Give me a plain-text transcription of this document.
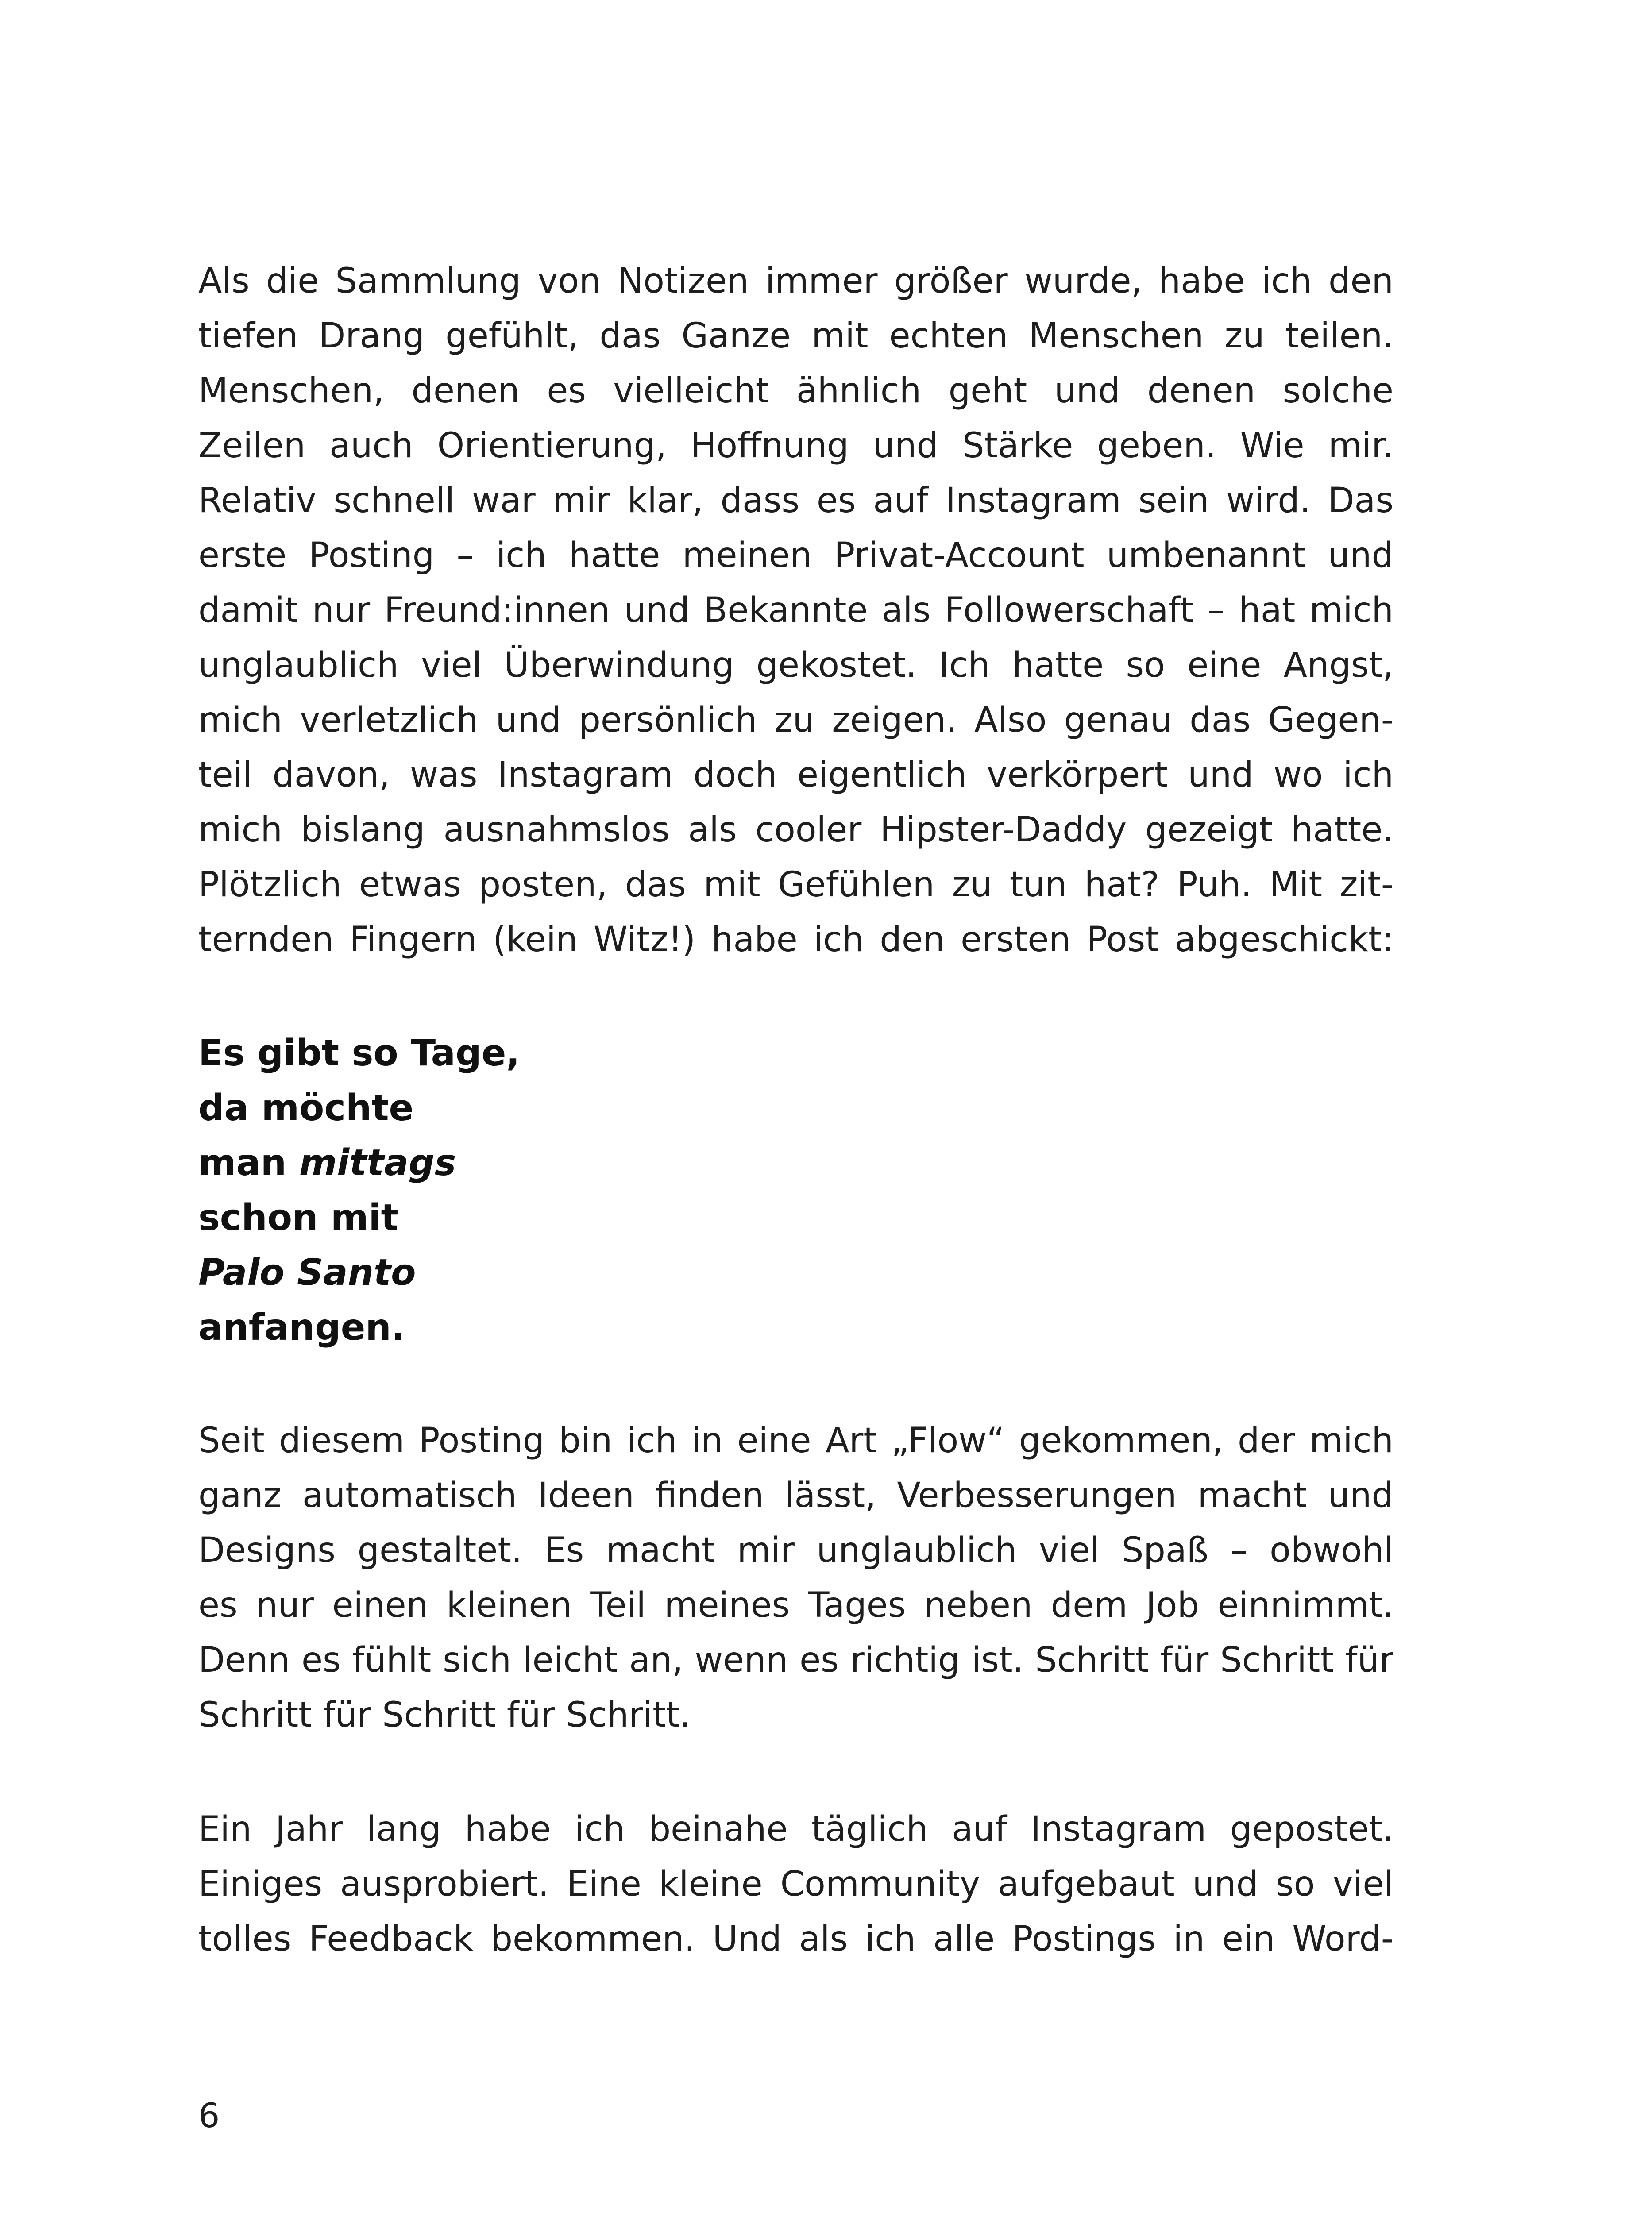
Als die Sammlung von Notizen immer größer wurde, habe ich den
tiefen Drang gefühlt, das Ganze mit echten Menschen zu teilen.
Menschen, denen es vielleicht ähnlich geht und denen solche
Zeilen auch Orientierung, Hoffnung und Stärke geben. Wie mir.
Relativ schnell war mir klar, dass es auf Instagram sein wird. Das
erste Posting – ich hatte meinen Privat-Account umbenannt und
damit nur Freund:innen und Bekannte als Followerschaft – hat mich
unglaublich viel Überwindung gekostet. Ich hatte so eine Angst,
mich verletzlich und persönlich zu zeigen. Also genau das Gegen-
teil davon, was Instagram doch eigentlich verkörpert und wo ich
mich bislang ausnahmslos als cooler Hipster-Daddy gezeigt hatte.
Plötzlich etwas posten, das mit Gefühlen zu tun hat? Puh. Mit zit-
ternden Fingern (kein Witz!) habe ich den ersten Post abgeschickt:
Es gibt so Tage,
da möchte
man mittags
schon mit
Palo Santo
anfangen.
Seit diesem Posting bin ich in eine Art „Flow“ gekommen, der mich
ganz automatisch Ideen finden lässt, Verbesserungen macht und
Designs gestaltet. Es macht mir unglaublich viel Spaß – obwohl
es nur einen kleinen Teil meines Tages neben dem Job einnimmt.
Denn es fühlt sich leicht an, wenn es richtig ist. Schritt für Schritt für
Schritt für Schritt für Schritt.
Ein Jahr lang habe ich beinahe täglich auf Instagram gepostet.
Einiges ausprobiert. Eine kleine Community aufgebaut und so viel
tolles Feedback bekommen. Und als ich alle Postings in ein Word-
6
